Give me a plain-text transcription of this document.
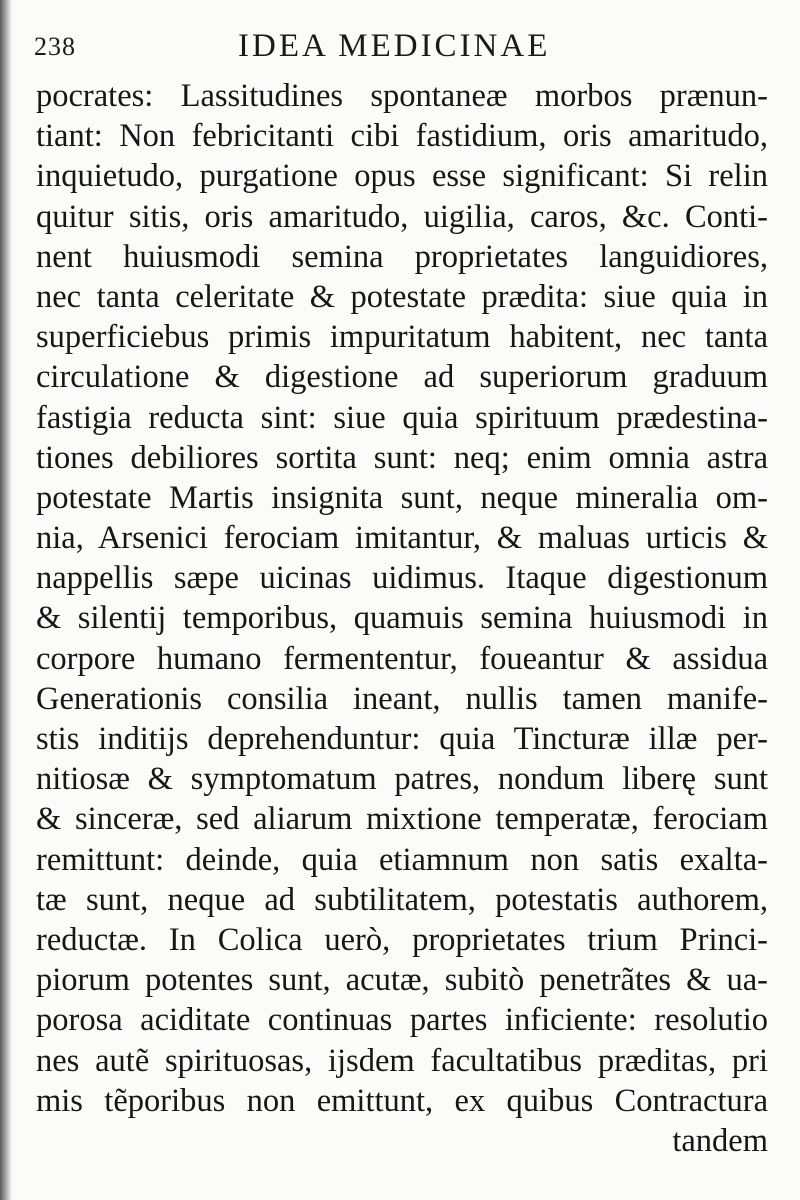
238	IDEA MEDICINAE
pocrates: Lassitudines spontaneæ morbos prænun-
tiant: Non febricitanti cibi fastidium, oris amaritudo,
inquietudo, purgatione opus esse significant: Si relin
quitur sitis, oris amaritudo, uigilia, caros, &c. Conti-
nent huiusmodi semina proprietates languidiores,
nec tanta celeritate & potestate prædita: siue quia in
superficiebus primis impuritatum habitent, nec tanta
circulatione & digestione ad superiorum graduum
fastigia reducta sint: siue quia spirituum prædestina-
tiones debiliores sortita sunt: neq; enim omnia astra
potestate Martis insignita sunt, neque mineralia om-
nia, Arsenici ferociam imitantur, & maluas urticis &
nappellis sæpe uicinas uidimus. Itaque digestionum
& silentij temporibus, quamuis semina huiusmodi in
corpore humano fermententur, foueantur & assidua
Generationis consilia ineant, nullis tamen manife-
stis inditijs deprehenduntur: quia Tincturæ illæ per-
nitiosæ & symptomatum patres, nondum liberę sunt
& sinceræ, sed aliarum mixtione temperatæ, ferociam
remittunt: deinde, quia etiamnum non satis exalta-
tæ sunt, neque ad subtilitatem, potestatis authorem,
reductæ. In Colica uerò, proprietates trium Princi-
piorum potentes sunt, acutæ, subitò penetrãtes & ua-
porosa aciditate continuas partes inficiente: resolutio
nes autẽ spirituosas, ijsdem facultatibus præditas, pri
mis tẽporibus non emittunt, ex quibus Contractura
tandem
